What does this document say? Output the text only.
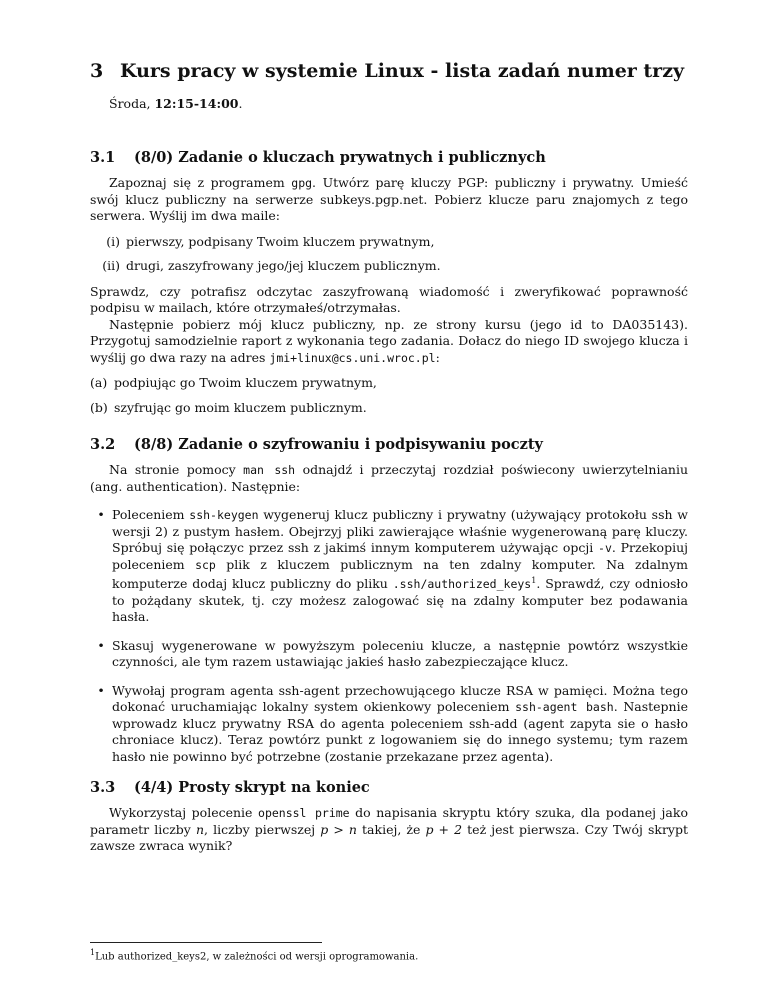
3 Kurs pracy w systemie Linux - lista zadań numer trzy
Środa, 12:15-14:00.
3.1	(8/0) Zadanie o kluczach prywatnych i publicznych

Zapoznaj się z programem gpg. Utwórz parę kluczy PGP: publiczny i prywatny. Umieść swój klucz publiczny na serwerze subkeys.pgp.net. Pobierz klucze paru znajomych z tego serwera. Wyślij im dwa maile:

(i) pierwszy, podpisany Twoim kluczem prywatnym,
(ii) drugi, zaszyfrowany jego/jej kluczem publicznym.

Sprawdz, czy potrafisz odczytac zaszyfrowaną wiadomość i zweryfikować poprawność podpisu w mailach, które otrzymałeś/otrzymałas.

Następnie pobierz mój klucz publiczny, np. ze strony kursu (jego id to DA035143). Przygotuj samodzielnie raport z wykonania tego zadania. Dołacz do niego ID swojego klucza i wyślij go dwa razy na adres jmi+linux@cs.uni.wroc.pl:

(a) podpiując go Twoim kluczem prywatnym,
(b) szyfrując go moim kluczem publicznym.
3.2	(8/8) Zadanie o szyfrowaniu i podpisywaniu poczty

Na stronie pomocy man ssh odnajdź i przeczytaj rozdział poświecony uwierzytelnianiu (ang. authentication). Następnie:

• Poleceniem ssh-keygen wygeneruj klucz publiczny i prywatny (używający protokołu ssh w wersji 2) z pustym hasłem. Obejrzyj pliki zawierające właśnie wygenerowaną parę kluczy. Spróbuj się połączyc przez ssh z jakimś innym komputerem używając opcji -v. Przekopiuj poleceniem scp plik z kluczem publicznym na ten zdalny komputer. Na zdalnym komputerze dodaj klucz publiczny do pliku .ssh/authorized_keys$^1$. Sprawdź, czy odniosło to pożądany skutek, tj. czy możesz zalogować się na zdalny komputer bez podawania hasła.

• Skasuj wygenerowane w powyższym poleceniu klucze, a następnie powtórz wszystkie czynności, ale tym razem ustawiając jakieś hasło zabezpieczające klucz.

• Wywołaj program agenta ssh-agent przechowującego klucze RSA w pamięci. Można tego dokonać uruchamiając lokalny system okienkowy poleceniem ssh-agent bash. Nastepnie wprowadz klucz prywatny RSA do agenta poleceniem ssh-add (agent zapyta sie o hasło chroniace klucz). Teraz powtórz punkt z logowaniem się do innego systemu; tym razem hasło nie powinno być potrzebne (zostanie przekazane przez agenta).

3.3	(4/4) Prosty skrypt na koniec

Wykorzystaj polecenie openssl prime do napisania skryptu który szuka, dla podanej jako parametr liczby n, liczby pierwszej p > n takiej, że p + 2 też jest pierwsza. Czy Twój skrypt zawsze zwraca wynik?

$^1$Lub authorized_keys2, w zależności od wersji oprogramowania.
